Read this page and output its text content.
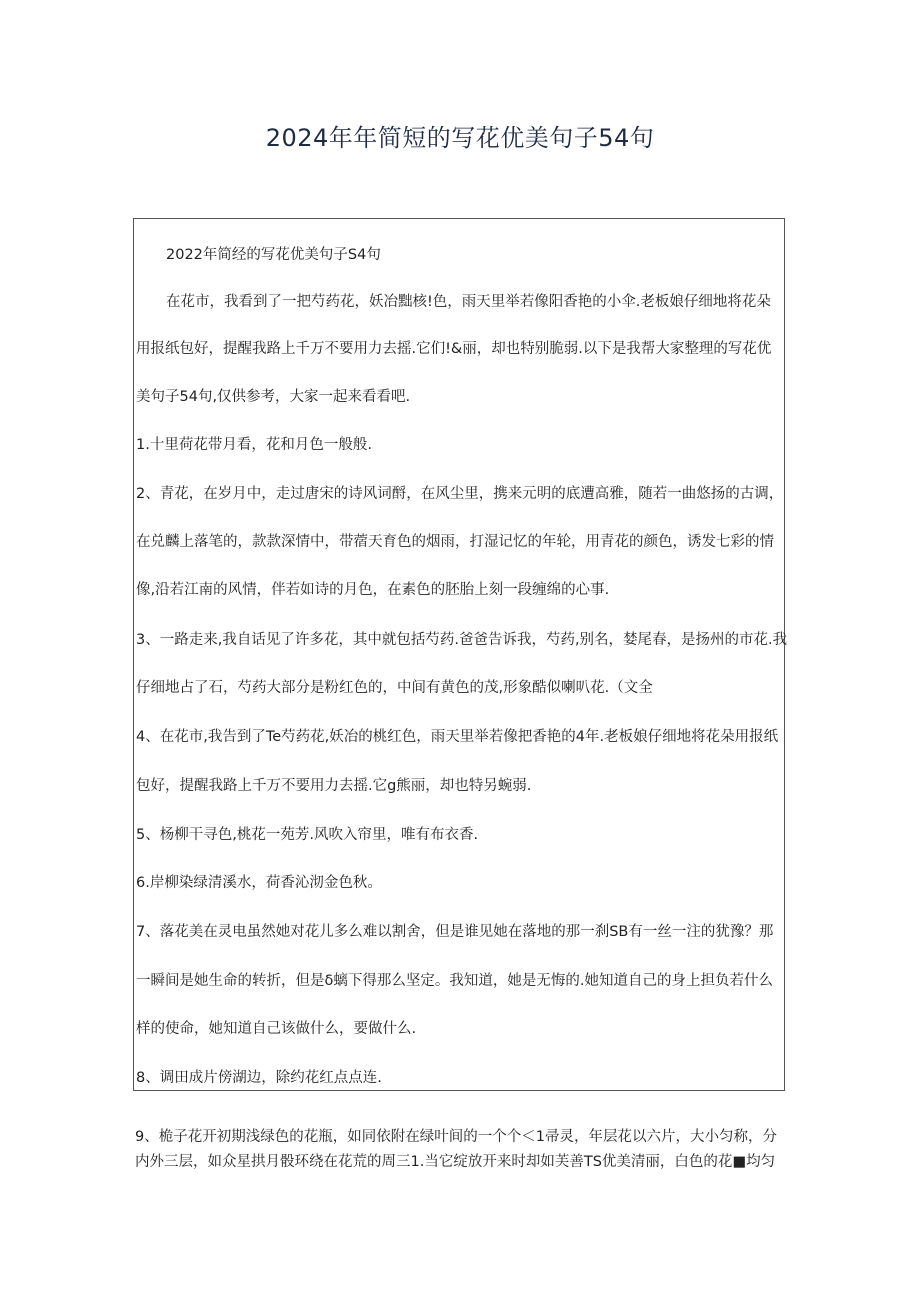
2024年年简短的写花优美句子54句
2022年简经的写花优美句子S4句
在花市，我看到了一把芍药花，妖冶黜核!色，雨天里举若像阳香艳的小伞.老板娘仔细地将花朵
用报纸包好，提醒我路上千万不要用力去摇.它们!&丽，却也特别脆弱.以下是我帮大家整理的写花优
美句子54句,仅供参考，大家一起来看看吧.
1.十里荷花带月看，花和月色一般般.
2、青花，在岁月中，走过唐宋的诗风词酹，在风尘里，携来元明的底遭高雅，随若一曲悠扬的古调，
在兑麟上落笔的，款款深情中，带蓿天育色的烟雨，打湿记忆的年轮，用青花的颜色，诱发七彩的情
像,沿若江南的风情，伴若如诗的月色，在素色的胚胎上刻一段缠绵的心事.
3、一路走来,我自话见了许多花，其中就包括芍药.爸爸告诉我，芍药,别名，婪尾春，是扬州的市花.我
仔细地占了石，芍药大部分是粉红色的，中间有黄色的茂,形象酷似喇叭花.（文全
4、在花市,我告到了Te芍药花,妖冶的桃红色，雨天里举若像把香艳的4年.老板娘仔细地将花朵用报纸
包好，提醒我路上千万不要用力去摇.它g熊丽，却也特另蜿弱.
5、杨柳干寻色,桃花一苑芳.风吹入帘里，唯有布衣香.
6.岸柳染绿清溪水，荷香沁沏金色秋。
7、落花美在灵电虽然她对花儿多么难以割舍，但是谁见她在落地的那一刹SB有一丝一注的犹豫？那
一瞬间是她生命的转折，但是δ螭下得那么坚定。我知道，她是无悔的.她知道自己的身上担负若什么
样的使命，她知道自己该做什么，要做什么.
8、调田成片傍湖边，除约花红点点连.
9、桅子花开初期浅绿色的花瓶，如同依附在绿叶间的一个个＜1帚灵，年层花以六片，大小匀称，分
内外三层，如众星拱月骰环绕在花荒的周三1.当它绽放开来时却如芙善TS优美清丽，白色的花■均匀
